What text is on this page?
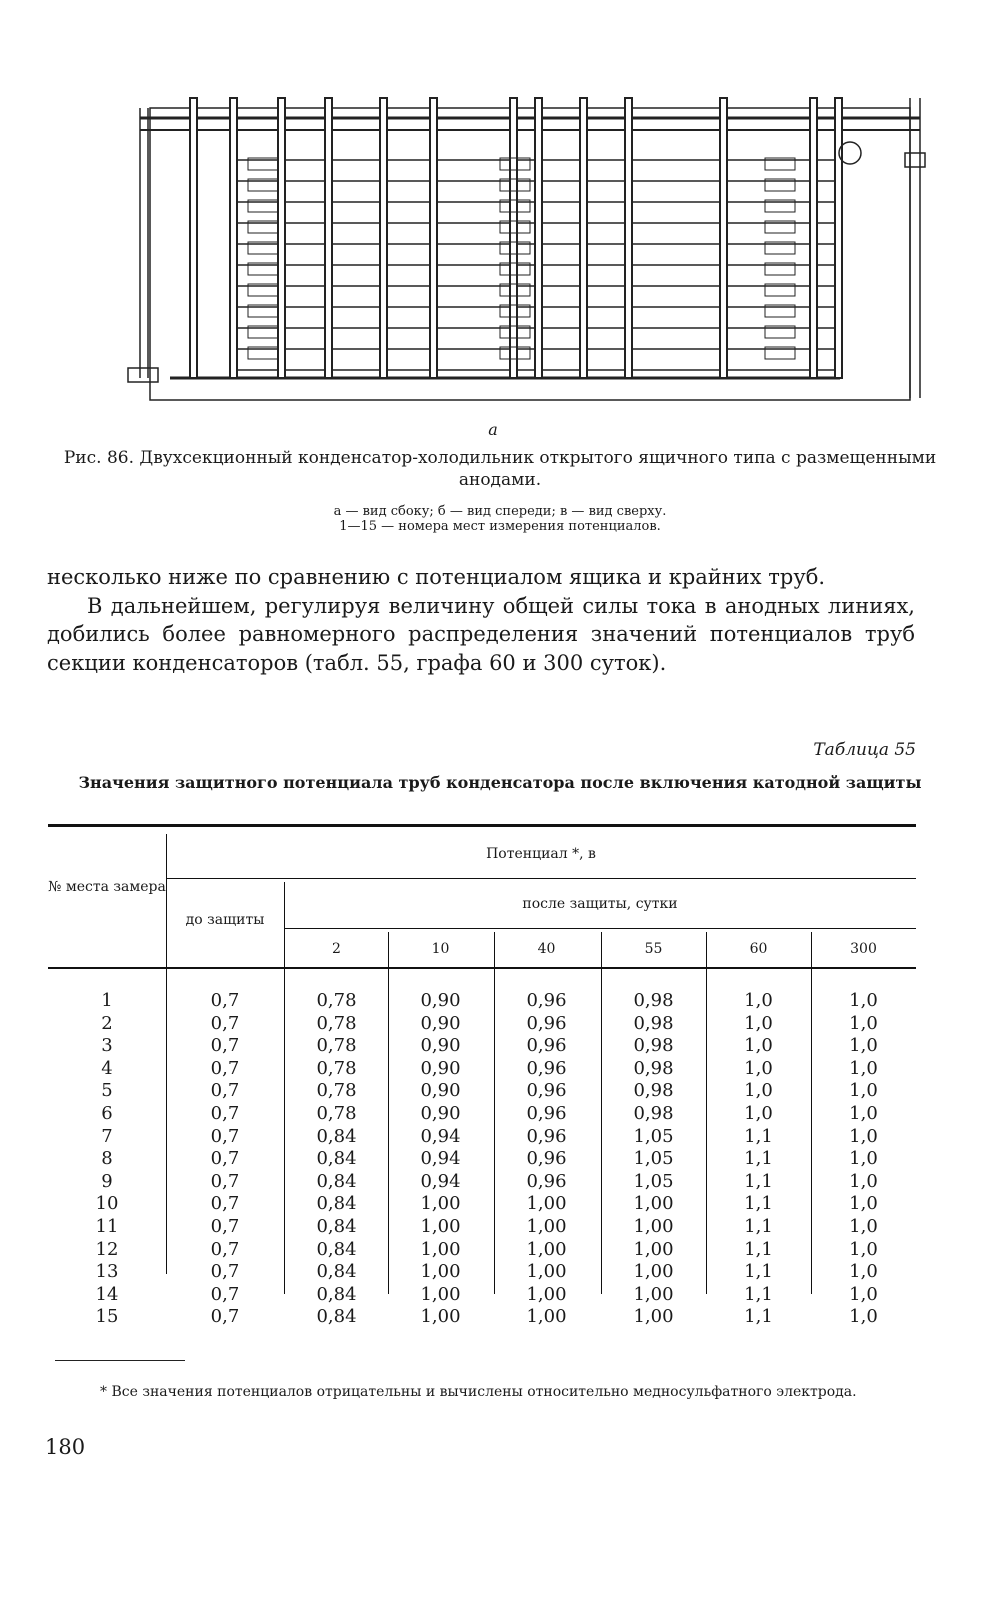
а
Рис. 86. Двухсекционный конденсатор-холодильник открытого ящичного типа с размещенными анодами.
а — вид сбоку; б — вид спереди; в — вид сверху.
1—15 — номера мест измерения потенциалов.

несколько ниже по сравнению с потенциалом ящика и крайних труб.

В дальнейшем, регулируя величину общей силы тока в анодных линиях, добились более равномерного распределения значений потенциалов труб секции конденсаторов (табл. 55, графа 60 и 300 суток).

Таблица 55
Значения защитного потенциала труб конденсатора после включения катодной защиты
№ места замера
Потенциал *, в
до защиты
после защиты, сутки
2	10	40	55	60	300
1	0,7	0,78	0,90	0,96	0,98	1,0	1,0
2	0,7	0,78	0,90	0,96	0,98	1,0	1,0
3	0,7	0,78	0,90	0,96	0,98	1,0	1,0
4	0,7	0,78	0,90	0,96	0,98	1,0	1,0
5	0,7	0,78	0,90	0,96	0,98	1,0	1,0
6	0,7	0,78	0,90	0,96	0,98	1,0	1,0
7	0,7	0,84	0,94	0,96	1,05	1,1	1,0
8	0,7	0,84	0,94	0,96	1,05	1,1	1,0
9	0,7	0,84	0,94	0,96	1,05	1,1	1,0
10	0,7	0,84	1,00	1,00	1,00	1,1	1,0
11	0,7	0,84	1,00	1,00	1,00	1,1	1,0
12	0,7	0,84	1,00	1,00	1,00	1,1	1,0
13	0,7	0,84	1,00	1,00	1,00	1,1	1,0
14	0,7	0,84	1,00	1,00	1,00	1,1	1,0
15	0,7	0,84	1,00	1,00	1,00	1,1	1,0
* Все значения потенциалов отрицательны и вычислены относительно медносульфатного электрода.
180
